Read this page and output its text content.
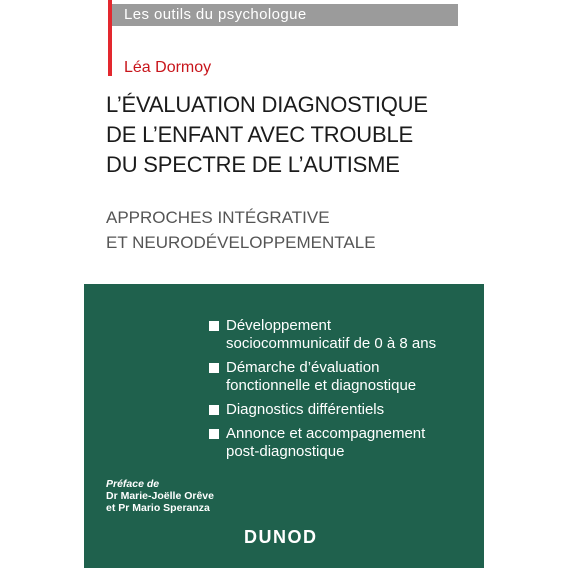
Les outils du psychologue
Léa Dormoy
L’ÉVALUATION DIAGNOSTIQUE
DE L’ENFANT AVEC TROUBLE
DU SPECTRE DE L’AUTISME
APPROCHES INTÉGRATIVE
ET NEURODÉVELOPPEMENTALE
Développement
sociocommunicatif de 0 à 8 ans
Démarche d’évaluation
fonctionnelle et diagnostique
Diagnostics différentiels
Annonce et accompagnement
post-diagnostique
Préface de
Dr Marie-Joëlle Orêve
et Pr Mario Speranza
DUNOD
